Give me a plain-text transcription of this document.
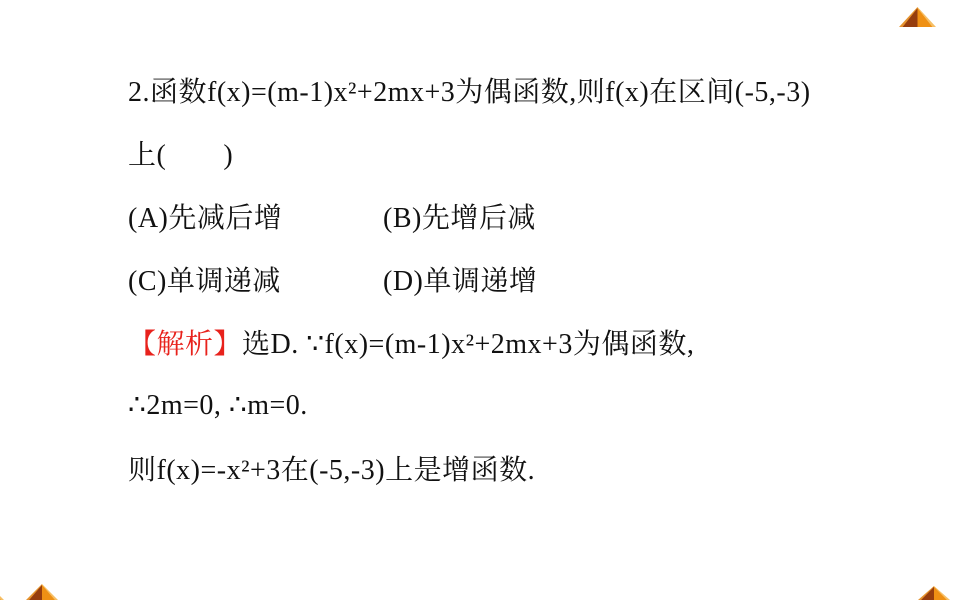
2.函数f(x)=(m-1)x²+2mx+3为偶函数,则f(x)在区间(-5,-3)
上(　　)
(A)先减后增	(B)先增后减
(C)单调递减	(D)单调递增
【解析】 选D. ∵f(x)=(m-1)x²+2mx+3为偶函数,
∴2m=0, ∴m=0.
则f(x)=-x²+3在(-5,-3)上是增函数.
